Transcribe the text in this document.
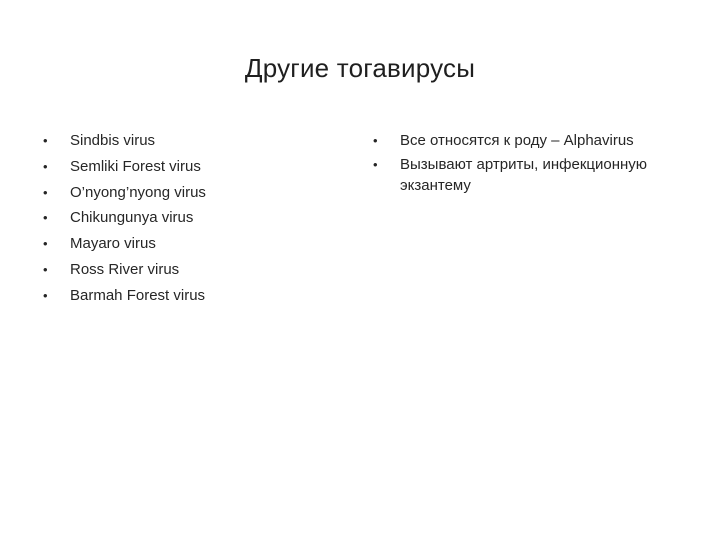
Другие тогавирусы
• Sindbis virus
• Semliki Forest virus
• O’nyong’nyong virus
• Chikungunya virus
• Mayaro virus
• Ross River virus
• Barmah Forest virus
• Все относятся к роду – Alphavirus
• Вызывают артриты, инфекционную экзантему
